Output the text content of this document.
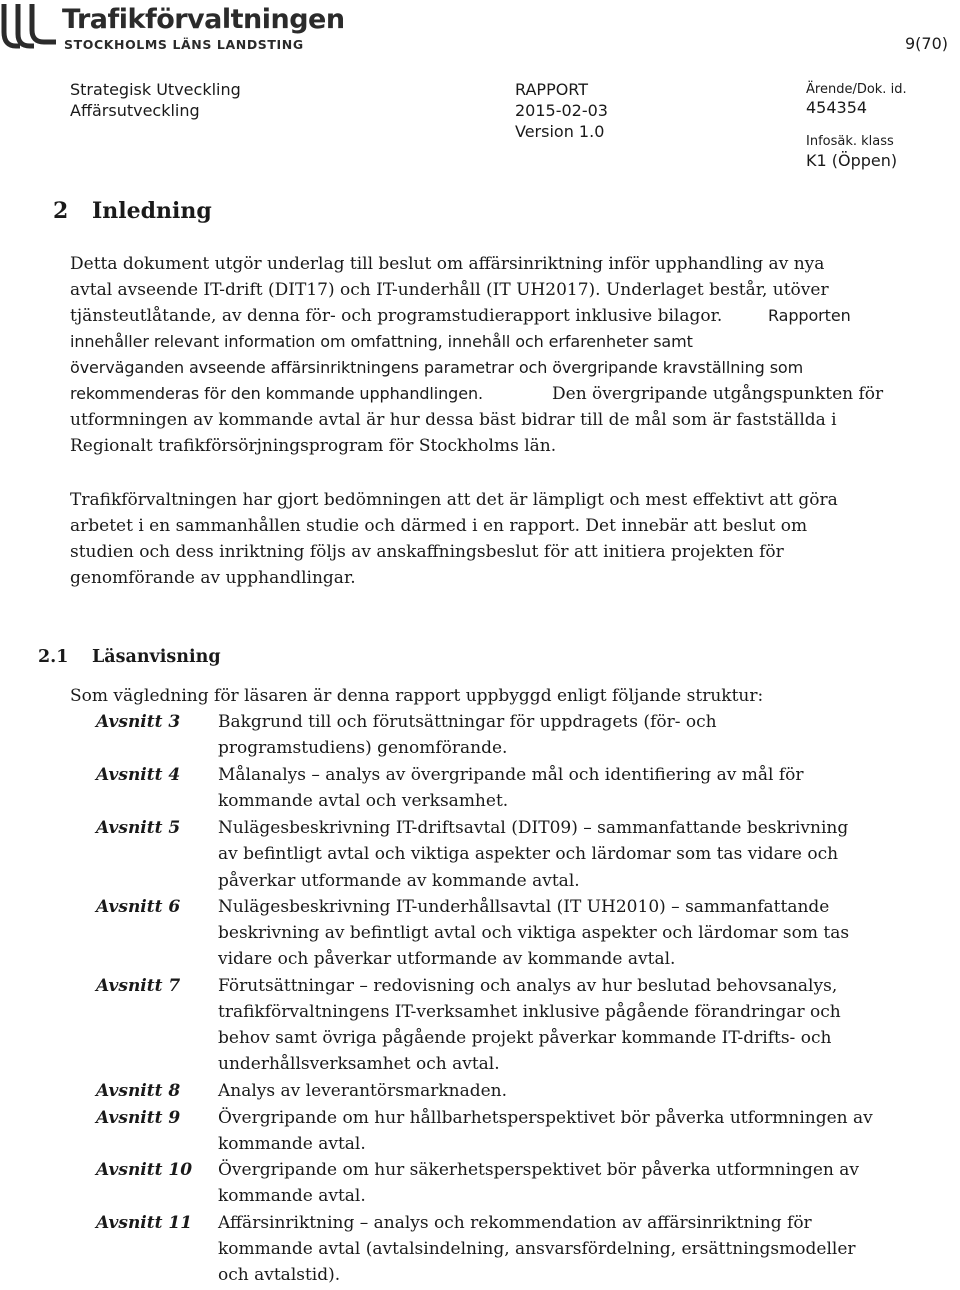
Trafikförvaltningen
STOCKHOLMS LÄNS LANDSTING	9(70)
Strategisk Utveckling
Affärsutveckling
RAPPORT
2015-02-03
Version 1.0
Ärende/Dok. id.
454354
Infosäk. klass
K1 (Öppen)
2 Inledning
Detta dokument utgör underlag till beslut om affärsinriktning inför upphandling av nya
avtal avseende IT-drift (DIT17) och IT-underhåll (IT UH2017). Underlaget består, utöver
tjänsteutlåtande, av denna för- och programstudierapport inklusive bilagor.	Rapporten
innehåller relevant information om omfattning, innehåll och erfarenheter samt
överväganden avseende affärsinriktningens parametrar och övergripande kravställning som
rekommenderas för den kommande upphandlingen.	Den övergripande utgångspunkten för
utformningen av kommande avtal är hur dessa bäst bidrar till de mål som är fastställda i
Regionalt trafikförsörjningsprogram för Stockholms län.
Trafikförvaltningen har gjort bedömningen att det är lämpligt och mest effektivt att göra
arbetet i en sammanhållen studie och därmed i en rapport. Det innebär att beslut om
studien och dess inriktning följs av anskaffningsbeslut för att initiera projekten för
genomförande av upphandlingar.
2.1 Läsanvisning
Som vägledning för läsaren är denna rapport uppbyggd enligt följande struktur:
Avsnitt 3 Bakgrund till och förutsättningar för uppdragets (för- och
programstudiens) genomförande.
Avsnitt 4 Målanalys – analys av övergripande mål och identifiering av mål för
kommande avtal och verksamhet.
Avsnitt 5 Nulägesbeskrivning IT-driftsavtal (DIT09) – sammanfattande beskrivning
av befintligt avtal och viktiga aspekter och lärdomar som tas vidare och
påverkar utformande av kommande avtal.
Avsnitt 6 Nulägesbeskrivning IT-underhållsavtal (IT UH2010) – sammanfattande
beskrivning av befintligt avtal och viktiga aspekter och lärdomar som tas
vidare och påverkar utformande av kommande avtal.
Avsnitt 7 Förutsättningar – redovisning och analys av hur beslutad behovsanalys,
trafikförvaltningens IT-verksamhet inklusive pågående förandringar och
behov samt övriga pågående projekt påverkar kommande IT-drifts- och
underhållsverksamhet och avtal.
Avsnitt 8 Analys av leverantörsmarknaden.
Avsnitt 9 Övergripande om hur hållbarhetsperspektivet bör påverka utformningen av
kommande avtal.
Avsnitt 10 Övergripande om hur säkerhetsperspektivet bör påverka utformningen av
kommande avtal.
Avsnitt 11 Affärsinriktning – analys och rekommendation av affärsinriktning för
kommande avtal (avtalsindelning, ansvarsfördelning, ersättningsmodeller
och avtalstid).
